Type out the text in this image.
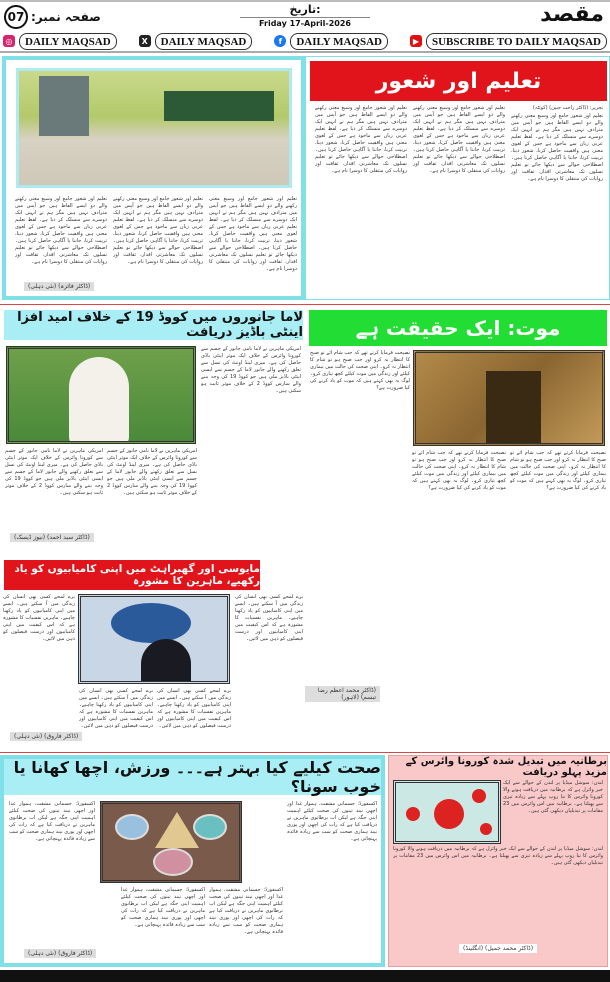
صفحہ نمبر:
07
تاریخ:
Friday 17-April-2026	مقصد
◎	DAILY MAQSAD	X	DAILY MAQSAD	f	DAILY MAQSAD	▶	SUBSCRIBE TO DAILY MAQSAD
تعلیم اور شعور
تحریر: (ڈاکٹر راحت جبین) (کوئٹہ)
تعلیم اور شعور جامع اور وسیع معنی رکھنے والے دو ایسے الفاظ ہیں جو آپس میں مترادف نہیں ہیں مگر ہم نے انہیں ایک دوسرے سے منسلک کر دیا ہے۔ لفظ تعلیم عربی زبان سے ماخوذ ہے جس کے لغوی معنی ہیں واقفیت حاصل کرنا، شعور دینا، تربیت کرنا، جاننا یا آگاہی حاصل کرنا ہیں۔ اصطلاحی حوالے سے دیکھا جائے تو تعلیم نسلوں تک معاشرتی اقدار، ثقافت اور روایات کی منتقلی کا دوسرا نام ہے۔
تعلیم اور شعور جامع اور وسیع معنی رکھنے والے دو ایسے الفاظ ہیں جو آپس میں مترادف نہیں ہیں مگر ہم نے انہیں ایک دوسرے سے منسلک کر دیا ہے۔ لفظ تعلیم عربی زبان سے ماخوذ ہے جس کے لغوی معنی ہیں واقفیت حاصل کرنا، شعور دینا، تربیت کرنا، جاننا یا آگاہی حاصل کرنا ہیں۔ اصطلاحی حوالے سے دیکھا جائے تو تعلیم نسلوں تک معاشرتی اقدار، ثقافت اور روایات کی منتقلی کا دوسرا نام ہے۔
تعلیم اور شعور جامع اور وسیع معنی رکھنے والے دو ایسے الفاظ ہیں جو آپس میں مترادف نہیں ہیں مگر ہم نے انہیں ایک دوسرے سے منسلک کر دیا ہے۔ لفظ تعلیم عربی زبان سے ماخوذ ہے جس کے لغوی معنی ہیں واقفیت حاصل کرنا، شعور دینا، تربیت کرنا، جاننا یا آگاہی حاصل کرنا ہیں۔ اصطلاحی حوالے سے دیکھا جائے تو تعلیم نسلوں تک معاشرتی اقدار، ثقافت اور روایات کی منتقلی کا دوسرا نام ہے۔
تعلیم اور شعور جامع اور وسیع معنی رکھنے والے دو ایسے الفاظ ہیں جو آپس میں مترادف نہیں ہیں مگر ہم نے انہیں ایک دوسرے سے منسلک کر دیا ہے۔ لفظ تعلیم عربی زبان سے ماخوذ ہے جس کے لغوی معنی ہیں واقفیت حاصل کرنا، شعور دینا، تربیت کرنا، جاننا یا آگاہی حاصل کرنا ہیں۔ اصطلاحی حوالے سے دیکھا جائے تو تعلیم نسلوں تک معاشرتی اقدار، ثقافت اور روایات کی منتقلی کا دوسرا نام ہے۔
تعلیم اور شعور جامع اور وسیع معنی رکھنے والے دو ایسے الفاظ ہیں جو آپس میں مترادف نہیں ہیں مگر ہم نے انہیں ایک دوسرے سے منسلک کر دیا ہے۔ لفظ تعلیم عربی زبان سے ماخوذ ہے جس کے لغوی معنی ہیں واقفیت حاصل کرنا، شعور دینا، تربیت کرنا، جاننا یا آگاہی حاصل کرنا ہیں۔ اصطلاحی حوالے سے دیکھا جائے تو تعلیم نسلوں تک معاشرتی اقدار، ثقافت اور روایات کی منتقلی کا دوسرا نام ہے۔
تعلیم اور شعور جامع اور وسیع معنی رکھنے والے دو ایسے الفاظ ہیں جو آپس میں مترادف نہیں ہیں مگر ہم نے انہیں ایک دوسرے سے منسلک کر دیا ہے۔ لفظ تعلیم عربی زبان سے ماخوذ ہے جس کے لغوی معنی ہیں واقفیت حاصل کرنا، شعور دینا، تربیت کرنا، جاننا یا آگاہی حاصل کرنا ہیں۔ اصطلاحی حوالے سے دیکھا جائے تو تعلیم نسلوں تک معاشرتی اقدار، ثقافت اور روایات کی منتقلی کا دوسرا نام ہے۔
(ڈاکٹر فائزہ) (نئی دہلی)
لاما جانوروں میں کووڈ 19 کے خلاف امید افزا اینٹی باڈیز دریافت
امریکی ماہرین نے لاما نامی جانور کے جسم سے کورونا وائرس کے خلاف ایک موثر اینٹی باڈی حاصل کی ہے۔ میری لینڈ اونٹ کی نسل سے تعلق رکھنے والے جانور لاما کے جسم سے ایسی اینٹی باڈیز ملی ہیں جو کووڈ 19 کی وجہ بننے والے سارس کووڈ 2 کے خلاف موثر ثابت ہو سکتی ہیں۔
امریکی ماہرین نے لاما نامی جانور کے جسم سے کورونا وائرس کے خلاف ایک موثر اینٹی باڈی حاصل کی ہے۔ میری لینڈ اونٹ کی نسل سے تعلق رکھنے والے جانور لاما کے جسم سے ایسی اینٹی باڈیز ملی ہیں جو کووڈ 19 کی وجہ بننے والے سارس کووڈ 2 کے خلاف موثر ثابت ہو سکتی ہیں۔
امریکی ماہرین نے لاما نامی جانور کے جسم سے کورونا وائرس کے خلاف ایک موثر اینٹی باڈی حاصل کی ہے۔ میری لینڈ اونٹ کی نسل سے تعلق رکھنے والے جانور لاما کے جسم سے ایسی اینٹی باڈیز ملی ہیں جو کووڈ 19 کی وجہ بننے والے سارس کووڈ 2 کے خلاف موثر ثابت ہو سکتی ہیں۔
(ڈاکٹر سید احمد) (نیوز ڈیسک)
موت: ایک حقیقت ہے
نصیحت فرمایا کرتے تھے کہ جب شام آئے تو صبح کا انتظار نہ کرو اور جب صبح ہو تو شام کا انتظار نہ کرو۔ اپنی صحت کی حالت میں بیماری کیلئے اور زندگی میں موت کیلئے کچھ تیاری کرو۔ لوگ یہ بھی کہتے ہیں کہ موت کو یاد کرنے کی کیا ضرورت ہے؟
نصیحت فرمایا کرتے تھے کہ جب شام آئے تو صبح کا انتظار نہ کرو اور جب صبح ہو تو شام کا انتظار نہ کرو۔ اپنی صحت کی حالت میں بیماری کیلئے اور زندگی میں موت کیلئے کچھ تیاری کرو۔ لوگ یہ بھی کہتے ہیں کہ موت کو یاد کرنے کی کیا ضرورت ہے؟
نصیحت فرمایا کرتے تھے کہ جب شام آئے تو صبح کا انتظار نہ کرو اور جب صبح ہو تو شام کا انتظار نہ کرو۔ اپنی صحت کی حالت میں بیماری کیلئے اور زندگی میں موت کیلئے کچھ تیاری کرو۔ لوگ یہ بھی کہتے ہیں کہ موت کو یاد کرنے کی کیا ضرورت ہے؟
(ڈاکٹر محمد اعظم رضا تبسم) (لاہور)
مایوسی اور گھبراہٹ میں اپنی کامیابیوں کو یاد رکھیے، ماہرین کا مشورہ
برے لمحے کسی بھی انسان کی زندگی میں آ سکتے ہیں۔ ایسے میں اپنی کامیابیوں کو یاد رکھنا چاہیے۔ ماہرین نفسیات کا مشورہ ہے کہ اس کیفیت میں اپنی کامیابیوں اور درست فیصلوں کو ذہن میں لائیں۔
برے لمحے کسی بھی انسان کی زندگی میں آ سکتے ہیں۔ ایسے میں اپنی کامیابیوں کو یاد رکھنا چاہیے۔ ماہرین نفسیات کا مشورہ ہے کہ اس کیفیت میں اپنی کامیابیوں اور درست فیصلوں کو ذہن میں لائیں۔
برے لمحے کسی بھی انسان کی زندگی میں آ سکتے ہیں۔ ایسے میں اپنی کامیابیوں کو یاد رکھنا چاہیے۔ ماہرین نفسیات کا مشورہ ہے کہ اس کیفیت میں اپنی کامیابیوں اور درست فیصلوں کو ذہن میں لائیں۔
برے لمحے کسی بھی انسان کی زندگی میں آ سکتے ہیں۔ ایسے میں اپنی کامیابیوں کو یاد رکھنا چاہیے۔ ماہرین نفسیات کا مشورہ ہے کہ اس کیفیت میں اپنی کامیابیوں اور درست فیصلوں کو ذہن میں لائیں۔
(ڈاکٹر فاروق) (نئی دہلی)
صحت کیلیے کیا بہتر ہے۔۔۔ ورزش، اچھا کھانا یا خوب سونا؟
آکسفورڈ: جسمانی مشقت، ہموار غذا اور اچھی نیند تینوں کی صحت کیلئے اہمیت اپنی جگہ ہے لیکن اب برطانوی ماہرین نے دریافت کیا ہے کہ رات کی اچھی اور پوری نیند ہماری صحت کو سب سے زیادہ فائدہ پہنچاتی ہے۔
آکسفورڈ: جسمانی مشقت، ہموار غذا اور اچھی نیند تینوں کی صحت کیلئے اہمیت اپنی جگہ ہے لیکن اب برطانوی ماہرین نے دریافت کیا ہے کہ رات کی اچھی اور پوری نیند ہماری صحت کو سب سے زیادہ فائدہ پہنچاتی ہے۔
آکسفورڈ: جسمانی مشقت، ہموار غذا اور اچھی نیند تینوں کی صحت کیلئے اہمیت اپنی جگہ ہے لیکن اب برطانوی ماہرین نے دریافت کیا ہے کہ رات کی اچھی اور پوری نیند ہماری صحت کو سب سے زیادہ فائدہ پہنچاتی ہے۔
آکسفورڈ: جسمانی مشقت، ہموار غذا اور اچھی نیند تینوں کی صحت کیلئے اہمیت اپنی جگہ ہے لیکن اب برطانوی ماہرین نے دریافت کیا ہے کہ رات کی اچھی اور پوری نیند ہماری صحت کو سب سے زیادہ فائدہ پہنچاتی ہے۔
(ڈاکٹر فاروق) (نئی دہلی)
برطانیہ میں تبدیل شدہ کورونا وائرس کے مزید پہلو دریافت
لندن: سوشل میڈیا پر لندن کے حوالے سے ایک خبر وائرل ہے کہ برطانیہ میں دریافت ہونے والا کورونا وائرس کا نیا روپ پہلے سے زیادہ تیزی سے پھیلتا ہے۔ برطانیہ میں اس وائرس میں 23 مقامات پر تبدیلیاں دیکھی گئی ہیں۔
لندن: سوشل میڈیا پر لندن کے حوالے سے ایک خبر وائرل ہے کہ برطانیہ میں دریافت ہونے والا کورونا وائرس کا نیا روپ پہلے سے زیادہ تیزی سے پھیلتا ہے۔ برطانیہ میں اس وائرس میں 23 مقامات پر تبدیلیاں دیکھی گئی ہیں۔
(ڈاکٹر محمد جمیل) (انگلینڈ)
